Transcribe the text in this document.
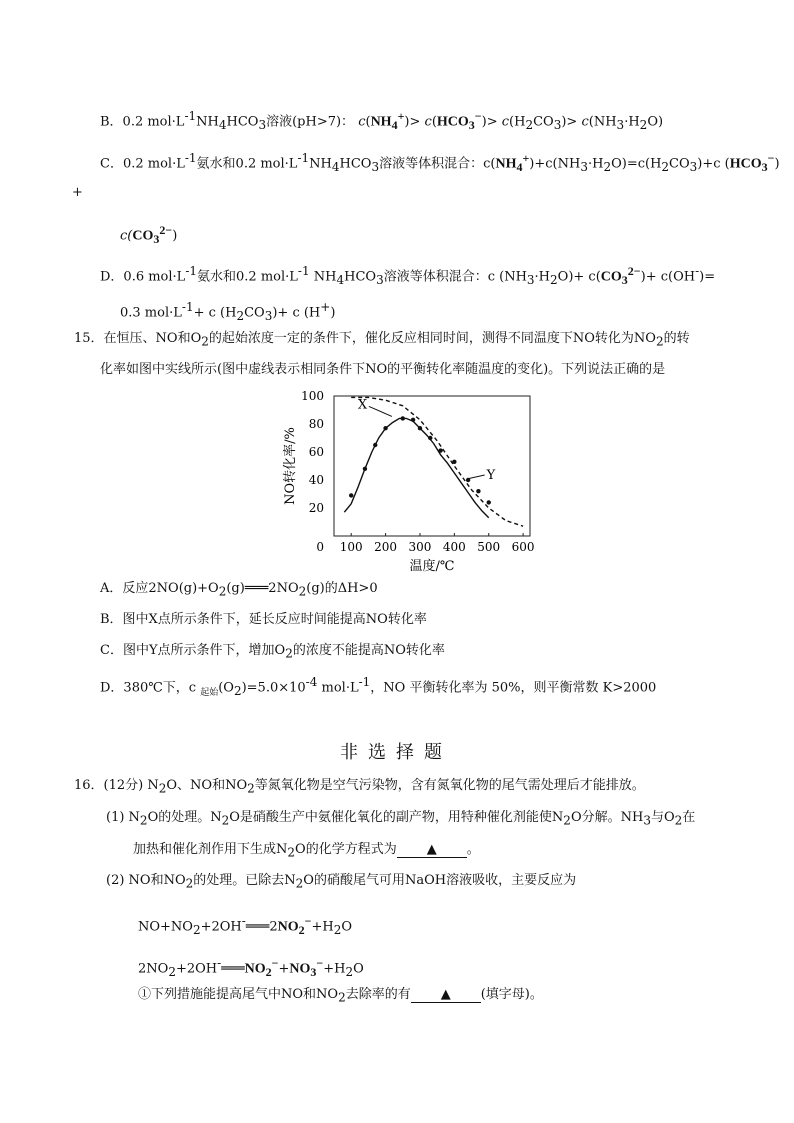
B．0.2 $mol\cdot L^{-1}NH_4HCO_3$溶液(pH>7)： $c(NH_4^+)> c(HCO_3^-)> c(H_2CO_3)> c(NH_3\cdot H_2O)$
C．0.2 $mol\cdot L^{-1}$氨水和0.2 $mol\cdot L^{-1}NH_4HCO_3$溶液等体积混合：$c(NH_4^+)+c(NH_3\cdot H_2O)=c(H_2CO_3)+c$ $(HCO_3^-)$
+
$c(CO_3^{2-})$
D．0.6 $mol\cdot L^{-1}$氨水和0.2 $mol\cdot L^{-1}$ $NH_4HCO_3$溶液等体积混合：c $(NH_3\cdot H_2O)+ c(CO_3^{2-})+ c(OH^-)=$
0.3 $mol\cdot L^{-1}+ c$ $(H_2CO_3)+ c$ (H+)
15．在恒压、NO和$O_2$的起始浓度一定的条件下，催化反应相同时间，测得不同温度下NO转化为$NO_2$的转
化率如图中实线所示(图中虚线表示相同条件下NO的平衡转化率随温度的变化)。下列说法正确的是
100 200 300 400 500 600
0
20
40
60
80
100
温度/℃
NO转化率/%
X
Y
A．反应$2NO(g)+O_2(g)═══2NO_2(g)$的ΔH>0
B．图中X点所示条件下，延长反应时间能提高NO转化率
C．图中Y点所示条件下，增加$O_2$的浓度不能提高NO转化率
D．380℃下，c $_{起始}(O_2)=5.0\times 10^{-4}$ $mol\cdot L^{-1}$，NO 平衡转化率为 50%，则平衡常数 K>2000
非选择题
16．(12分) $N_2O$、NO和$NO_2$等氮氧化物是空气污染物，含有氮氧化物的尾气需处理后才能排放。
(1) $N_2O$的处理。$N_2O$是硝酸生产中氨催化氧化的副产物，用特种催化剂能使$N_2O$分解。$NH_3$与$O_2$在
加热和催化剂作用下生成$N_2O$的化学方程式为 ▲ 。
(2) NO和$NO_2$的处理。已除去$N_2O$的硝酸尾气可用NaOH溶液吸收，主要反应为
$NO+NO_2+2OH^-═══2NO_2^-+H_2O$
$2NO_2+2OH^-═══NO_2^-+NO_3^-+H_2O$
①下列措施能提高尾气中NO和$NO_2$去除率的有 ▲ (填字母)。
